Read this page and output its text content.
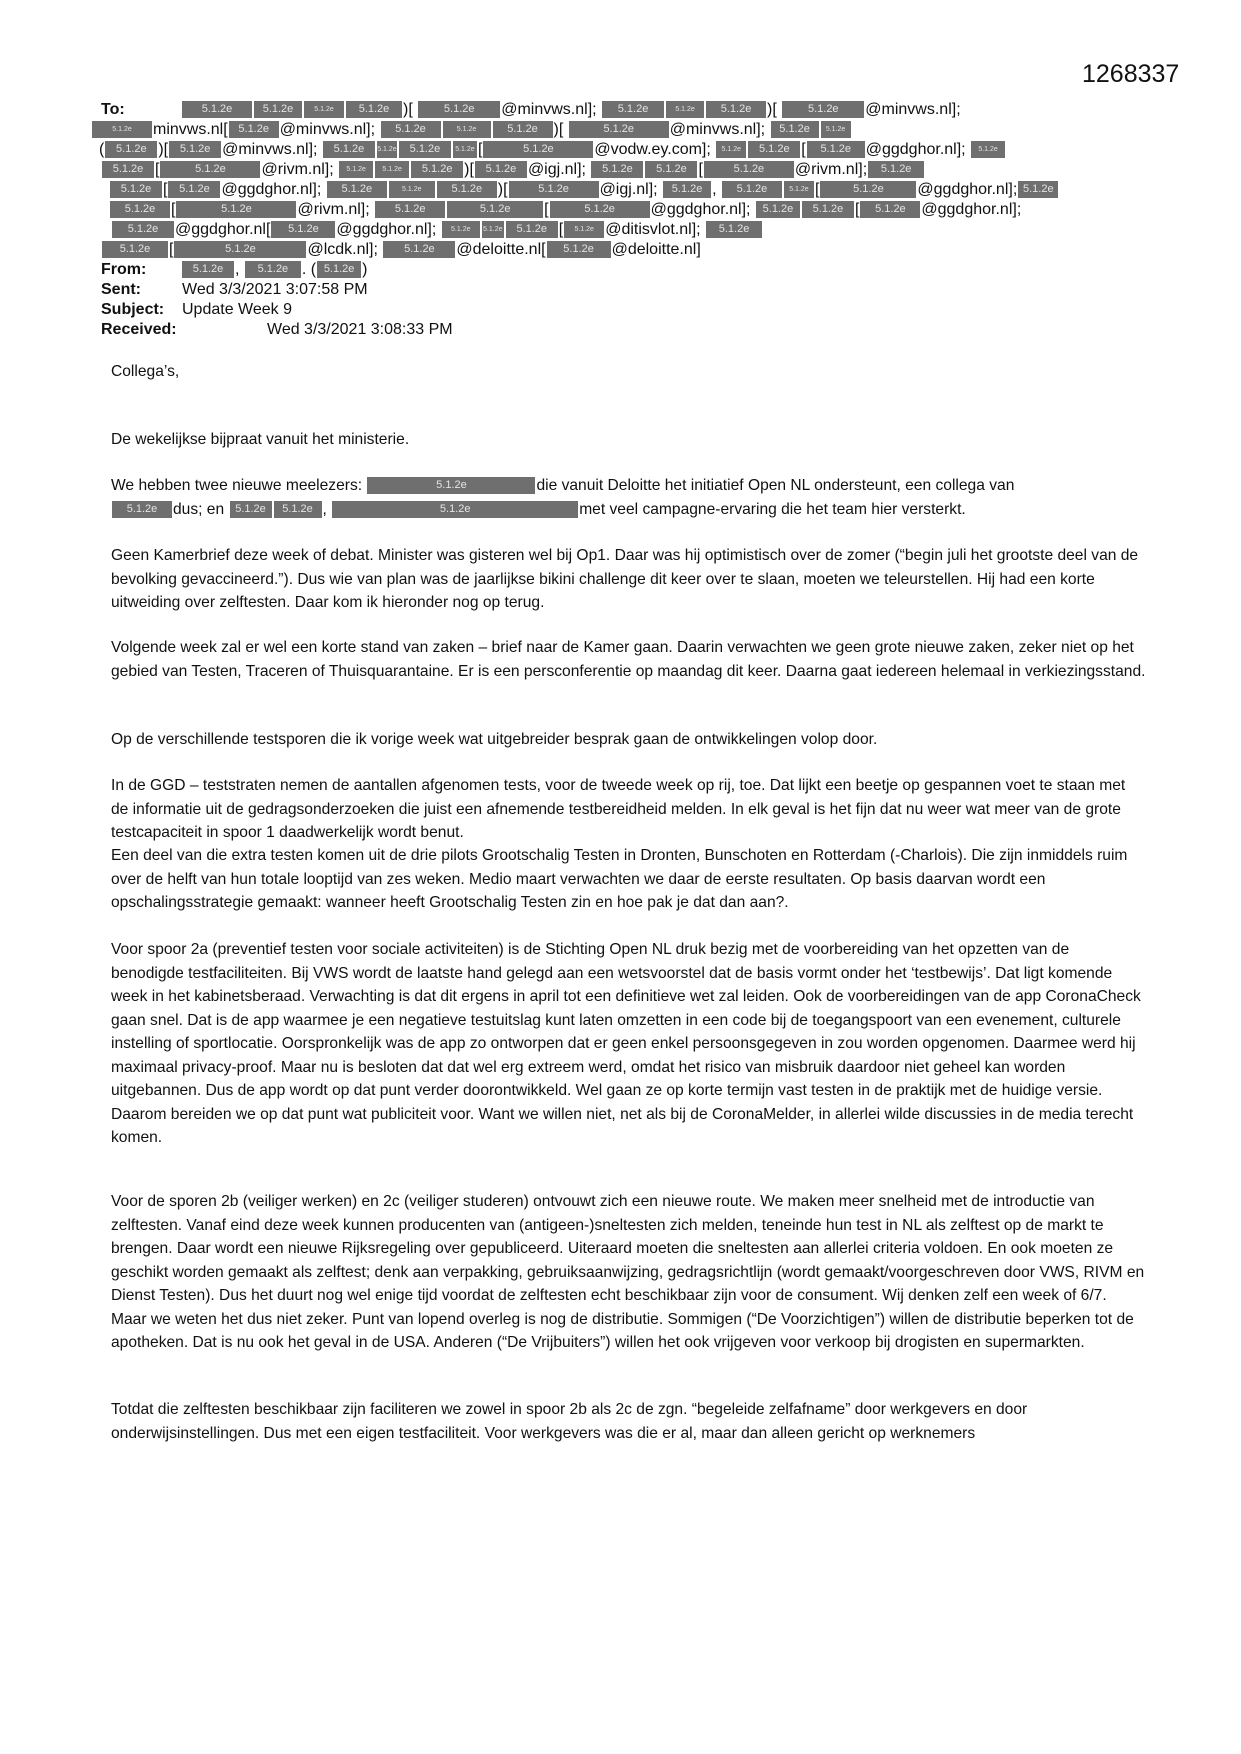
1268337
To:	5.1.2e	5.1.2e	5.1.2e 5.1.2e )[ 5.1.2e @minvws.nl]; 5.1.2e	5.1.2e 5.1.2e )[ 5.1.2e @minvws.nl];
5.1.2e minvws.nl[ 5.1.2e @minvws.nl]; 5.1.2e	5.1.2e	5.1.2e )[	5.1.2e @minvws.nl]; 5.1.2e 5.1.2e
( 5.1.2e )[ 5.1.2e @minvws.nl]; 5.1.2e 5.1.2e 5.1.2e 5.1.2e [	5.1.2e	@vodw.ey.com]; 5.1.2e 5.1.2e [ 5.1.2e @ggdghor.nl]; 5.1.2e
5.1.2e [	5.1.2e @rivm.nl]; 5.1.2e 5.1.2e 5.1.2e )[ 5.1.2e @igj.nl]; 5.1.2e 5.1.2e [	5.1.2e @rivm.nl]; 5.1.2e
5.1.2e [ 5.1.2e @ggdghor.nl]; 5.1.2e	5.1.2e	5.1.2e )[	5.1.2e @igj.nl]; 5.1.2e , 5.1.2e	5.1.2e [	5.1.2e @ggdghor.nl]; 5.1.2e
5.1.2e [	5.1.2e	@rivm.nl]; 5.1.2e	5.1.2e [	5.1.2e @ggdghor.nl]; 5.1.2e 5.1.2e [ 5.1.2e @ggdghor.nl];
5.1.2e @ggdghor.nl[ 5.1.2e @ggdghor.nl]; 5.1.2e 5.1.2e 5.1.2e [ 5.1.2e @ditisvlot.nl]; 5.1.2e
5.1.2e [	5.1.2e	@lcdk.nl]; 5.1.2e @deloitte.nl[ 5.1.2e @deloitte.nl]
From:	5.1.2e , 5.1.2e . ( 5.1.2e )
Sent:	Wed 3/3/2021 3:07:58 PM
Subject: Update Week 9
Received:	Wed 3/3/2021 3:08:33 PM

Collega’s,

De wekelijkse bijpraat vanuit het ministerie.

We hebben twee nieuwe meelezers:	5.1.2e	die vanuit Deloitte het initiatief Open NL ondersteunt, een collega van
5.1.2e dus; en 5.1.2e 5.1.2e ,	5.1.2e	met veel campagne-ervaring die het team hier versterkt.

Geen Kamerbrief deze week of debat. Minister was gisteren wel bij Op1. Daar was hij optimistisch over de zomer (“begin juli het grootste deel van de bevolking gevaccineerd.”). Dus wie van plan was de jaarlijkse bikini challenge dit keer over te slaan, moeten we teleurstellen. Hij had een korte uitweiding over zelftesten. Daar kom ik hieronder nog op terug.

Volgende week zal er wel een korte stand van zaken – brief naar de Kamer gaan. Daarin verwachten we geen grote nieuwe zaken, zeker niet op het gebied van Testen, Traceren of Thuisquarantaine. Er is een persconferentie op maandag dit keer. Daarna gaat iedereen helemaal in verkiezingsstand.

Op de verschillende testsporen die ik vorige week wat uitgebreider besprak gaan de ontwikkelingen volop door.

In de GGD – teststraten nemen de aantallen afgenomen tests, voor de tweede week op rij, toe. Dat lijkt een beetje op gespannen voet te staan met de informatie uit de gedragsonderzoeken die juist een afnemende testbereidheid melden. In elk geval is het fijn dat nu weer wat meer van de grote testcapaciteit in spoor 1 daadwerkelijk wordt benut.

Een deel van die extra testen komen uit de drie pilots Grootschalig Testen in Dronten, Bunschoten en Rotterdam (-Charlois). Die zijn inmiddels ruim over de helft van hun totale looptijd van zes weken. Medio maart verwachten we daar de eerste resultaten. Op basis daarvan wordt een opschalingsstrategie gemaakt: wanneer heeft Grootschalig Testen zin en hoe pak je dat dan aan?.

Voor spoor 2a (preventief testen voor sociale activiteiten) is de Stichting Open NL druk bezig met de voorbereiding van het opzetten van de benodigde testfaciliteiten. Bij VWS wordt de laatste hand gelegd aan een wetsvoorstel dat de basis vormt onder het ‘testbewijs’. Dat ligt komende week in het kabinetsberaad. Verwachting is dat dit ergens in april tot een definitieve wet zal leiden. Ook de voorbereidingen van de app CoronaCheck gaan snel. Dat is de app waarmee je een negatieve testuitslag kunt laten omzetten in een code bij de toegangspoort van een evenement, culturele instelling of sportlocatie. Oorspronkelijk was de app zo ontworpen dat er geen enkel persoonsgegeven in zou worden opgenomen. Daarmee werd hij maximaal privacy-proof. Maar nu is besloten dat dat wel erg extreem werd, omdat het risico van misbruik daardoor niet geheel kan worden uitgebannen. Dus de app wordt op dat punt verder doorontwikkeld. Wel gaan ze op korte termijn vast testen in de praktijk met de huidige versie. Daarom bereiden we op dat punt wat publiciteit voor. Want we willen niet, net als bij de CoronaMelder, in allerlei wilde discussies in de media terecht komen.

Voor de sporen 2b (veiliger werken) en 2c (veiliger studeren) ontvouwt zich een nieuwe route. We maken meer snelheid met de introductie van zelftesten. Vanaf eind deze week kunnen producenten van (antigeen-)sneltesten zich melden, teneinde hun test in NL als zelftest op de markt te brengen. Daar wordt een nieuwe Rijksregeling over gepubliceerd. Uiteraard moeten die sneltesten aan allerlei criteria voldoen. En ook moeten ze geschikt worden gemaakt als zelftest; denk aan verpakking, gebruiksaanwijzing, gedragsrichtlijn (wordt gemaakt/voorgeschreven door VWS, RIVM en Dienst Testen). Dus het duurt nog wel enige tijd voordat de zelftesten echt beschikbaar zijn voor de consument. Wij denken zelf een week of 6/7. Maar we weten het dus niet zeker. Punt van lopend overleg is nog de distributie. Sommigen (“De Voorzichtigen”) willen de distributie beperken tot de apotheken. Dat is nu ook het geval in de USA. Anderen (“De Vrijbuiters”) willen het ook vrijgeven voor verkoop bij drogisten en supermarkten.

Totdat die zelftesten beschikbaar zijn faciliteren we zowel in spoor 2b als 2c de zgn. “begeleide zelfafname” door werkgevers en door onderwijsinstellingen. Dus met een eigen testfaciliteit. Voor werkgevers was die er al, maar dan alleen gericht op werknemers
